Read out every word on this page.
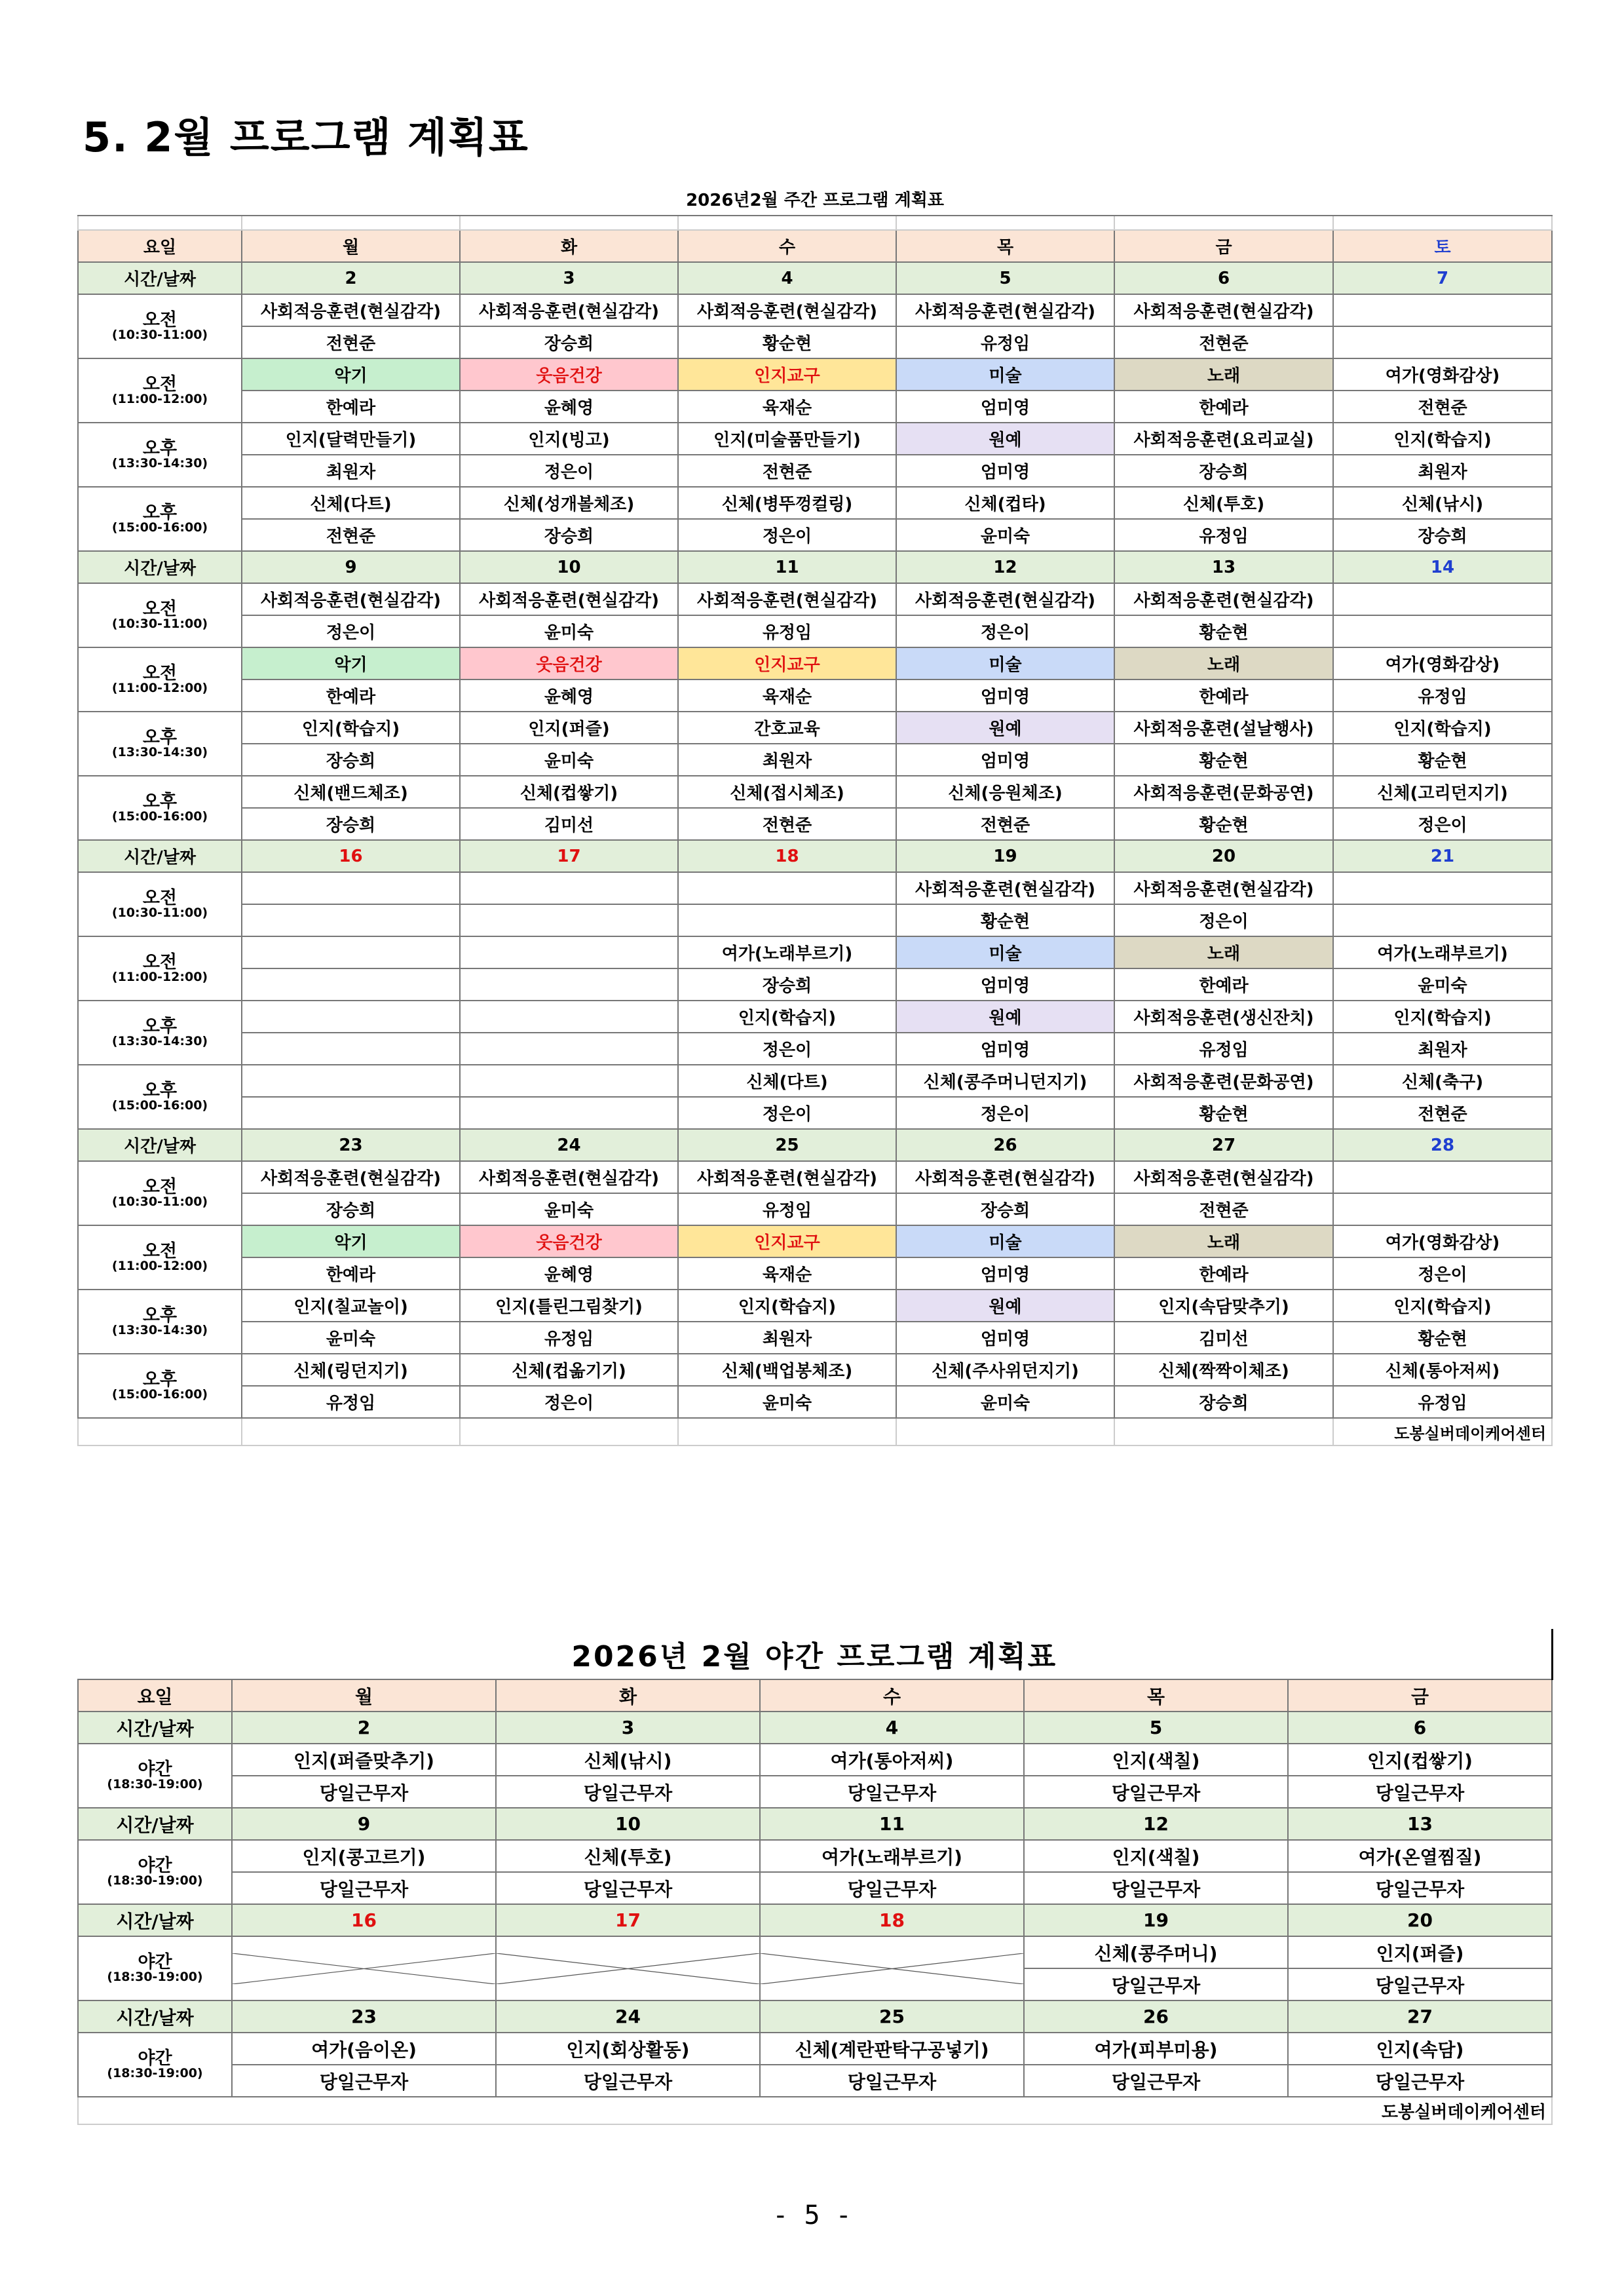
5. 2월 프로그램 계획표
2026년2월 주간 프로그램 계획표						

요일	월	화	수	목	금	토
시간/날짜	2	3	4	5	6	7

오전
(10:30-11:00)	사회적응훈련(현실감각)	사회적응훈련(현실감각)	사회적응훈련(현실감각)	사회적응훈련(현실감각)	사회적응훈련(현실감각)	
	전현준	장승희	황순현	유정임	전현준	

오전
(11:00-12:00)	악기	웃음건강	인지교구	미술	노래	여가(영화감상)
	한예라	윤혜영	육재순	엄미영	한예라	전현준

오후
(13:30-14:30)	인지(달력만들기)	인지(빙고)	인지(미술품만들기)	원예	사회적응훈련(요리교실)	인지(학습지)
	최원자	정은이	전현준	엄미영	장승희	최원자

오후
(15:00-16:00)	신체(다트)	신체(성개볼체조)	신체(병뚜껑컬링)	신체(컵타)	신체(투호)	신체(낚시)
	전현준	장승희	정은이	윤미숙	유정임	장승희
시간/날짜	9	10	11	12	13	14

오전
(10:30-11:00)	사회적응훈련(현실감각)	사회적응훈련(현실감각)	사회적응훈련(현실감각)	사회적응훈련(현실감각)	사회적응훈련(현실감각)	
	정은이	윤미숙	유정임	정은이	황순현	

오전
(11:00-12:00)	악기	웃음건강	인지교구	미술	노래	여가(영화감상)
	한예라	윤혜영	육재순	엄미영	한예라	유정임

오후
(13:30-14:30)	인지(학습지)	인지(퍼즐)	간호교육	원예	사회적응훈련(설날행사)	인지(학습지)
	장승희	윤미숙	최원자	엄미영	황순현	황순현

오후
(15:00-16:00)	신체(밴드체조)	신체(컵쌓기)	신체(접시체조)	신체(응원체조)	사회적응훈련(문화공연)	신체(고리던지기)
	장승희	김미선	전현준	전현준	황순현	정은이
시간/날짜	16	17	18	19	20	21

오전
(10:30-11:00)				사회적응훈련(현실감각)	사회적응훈련(현실감각)	
				황순현	정은이	

오전
(11:00-12:00)			여가(노래부르기)	미술	노래	여가(노래부르기)
			장승희	엄미영	한예라	윤미숙

오후
(13:30-14:30)			인지(학습지)	원예	사회적응훈련(생신잔치)	인지(학습지)
			정은이	엄미영	유정임	최원자

오후
(15:00-16:00)			신체(다트)	신체(콩주머니던지기)	사회적응훈련(문화공연)	신체(축구)
			정은이	정은이	황순현	전현준
시간/날짜	23	24	25	26	27	28

오전
(10:30-11:00)	사회적응훈련(현실감각)	사회적응훈련(현실감각)	사회적응훈련(현실감각)	사회적응훈련(현실감각)	사회적응훈련(현실감각)	
	장승희	윤미숙	유정임	장승희	전현준	

오전
(11:00-12:00)	악기	웃음건강	인지교구	미술	노래	여가(영화감상)
	한예라	윤혜영	육재순	엄미영	한예라	정은이

오후
(13:30-14:30)	인지(칠교놀이)	인지(틀린그림찾기)	인지(학습지)	원예	인지(속담맞추기)	인지(학습지)
	윤미숙	유정임	최원자	엄미영	김미선	황순현

오후
(15:00-16:00)	신체(링던지기)	신체(컵옮기기)	신체(백업봉체조)	신체(주사위던지기)	신체(짝짝이체조)	신체(통아저씨)
	유정임	정은이	윤미숙	윤미숙	장승희	유정임
						도봉실버데이케어센터
2026년 2월 야간 프로그램 계획표					
요일	월	화	수	목	금
시간/날짜	2	3	4	5	6

야간
(18:30-19:00)	인지(퍼즐맞추기)	신체(낚시)	여가(통아저씨)	인지(색칠)	인지(컵쌓기)
	당일근무자	당일근무자	당일근무자	당일근무자	당일근무자
시간/날짜	9	10	11	12	13

야간
(18:30-19:00)	인지(콩고르기)	신체(투호)	여가(노래부르기)	인지(색칠)	여가(온열찜질)
	당일근무자	당일근무자	당일근무자	당일근무자	당일근무자
시간/날짜	16	17	18	19	20

야간
(18:30-19:00)				신체(콩주머니)	인지(퍼즐)
				당일근무자	당일근무자
시간/날짜	23	24	25	26	27

야간
(18:30-19:00)	여가(음이온)	인지(회상활동)	신체(계란판탁구공넣기)	여가(피부미용)	인지(속담)
	당일근무자	당일근무자	당일근무자	당일근무자	당일근무자
도봉실버데이케어센터					
- 5 -
